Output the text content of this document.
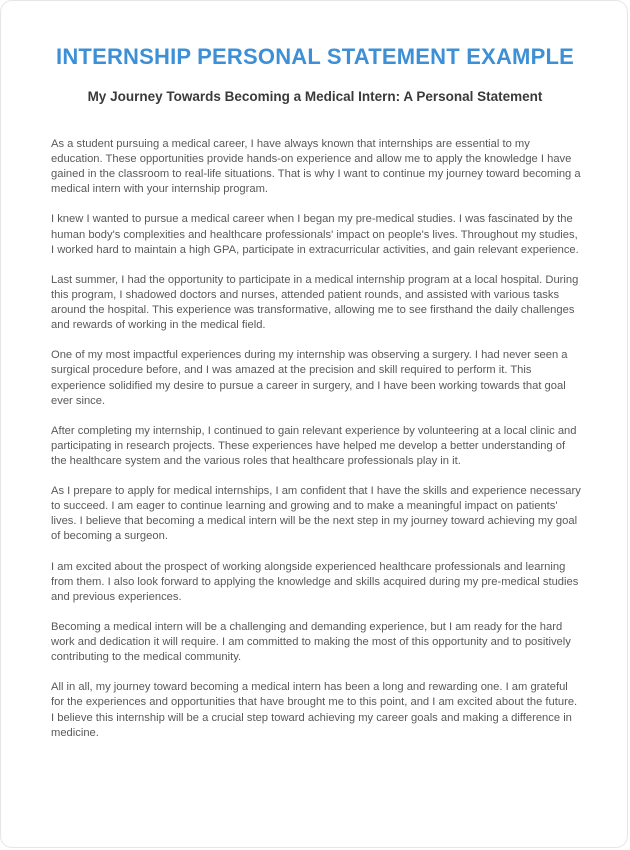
INTERNSHIP PERSONAL STATEMENT EXAMPLE
My Journey Towards Becoming a Medical Intern: A Personal Statement

As a student pursuing a medical career, I have always known that internships are essential to my education. These opportunities provide hands-on experience and allow me to apply the knowledge I have gained in the classroom to real-life situations. That is why I want to continue my journey toward becoming a medical intern with your internship program.

I knew I wanted to pursue a medical career when I began my pre-medical studies. I was fascinated by the human body's complexities and healthcare professionals' impact on people's lives. Throughout my studies, I worked hard to maintain a high GPA, participate in extracurricular activities, and gain relevant experience.

Last summer, I had the opportunity to participate in a medical internship program at a local hospital. During this program, I shadowed doctors and nurses, attended patient rounds, and assisted with various tasks around the hospital. This experience was transformative, allowing me to see firsthand the daily challenges and rewards of working in the medical field.

One of my most impactful experiences during my internship was observing a surgery. I had never seen a surgical procedure before, and I was amazed at the precision and skill required to perform it. This experience solidified my desire to pursue a career in surgery, and I have been working towards that goal ever since.

After completing my internship, I continued to gain relevant experience by volunteering at a local clinic and participating in research projects. These experiences have helped me develop a better understanding of the healthcare system and the various roles that healthcare professionals play in it.

As I prepare to apply for medical internships, I am confident that I have the skills and experience necessary to succeed. I am eager to continue learning and growing and to make a meaningful impact on patients' lives. I believe that becoming a medical intern will be the next step in my journey toward achieving my goal of becoming a surgeon.

I am excited about the prospect of working alongside experienced healthcare professionals and learning from them. I also look forward to applying the knowledge and skills acquired during my pre-medical studies and previous experiences.

Becoming a medical intern will be a challenging and demanding experience, but I am ready for the hard work and dedication it will require. I am committed to making the most of this opportunity and to positively contributing to the medical community.

All in all, my journey toward becoming a medical intern has been a long and rewarding one. I am grateful for the experiences and opportunities that have brought me to this point, and I am excited about the future. I believe this internship will be a crucial step toward achieving my career goals and making a difference in medicine.
